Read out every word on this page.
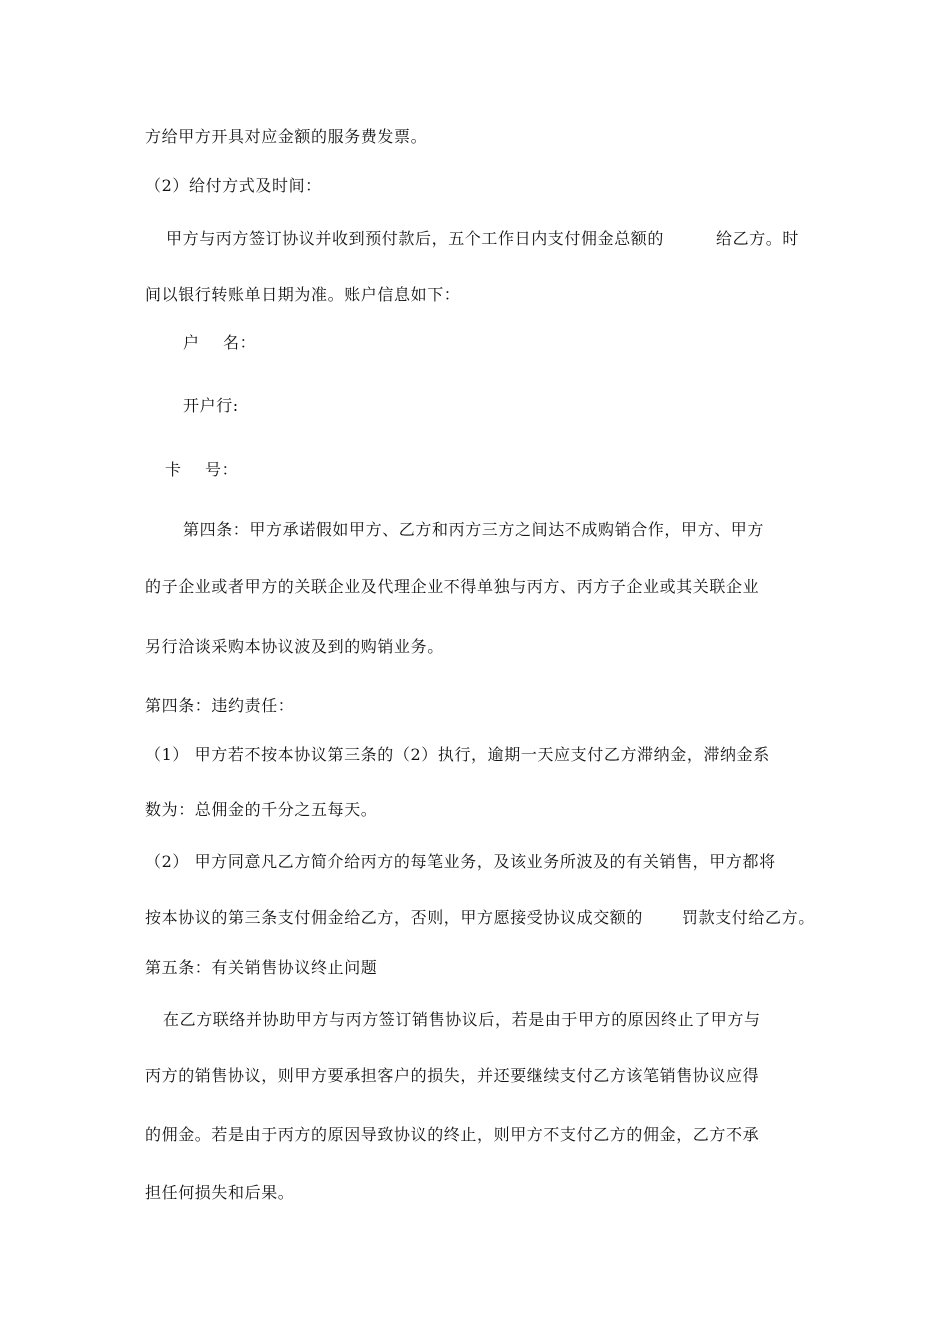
方给甲方开具对应金额的服务费发票。
（2）给付方式及时间：
甲方与丙方签订协议并收到预付款后，五个工作日内支付佣金总额的	给乙方。时
间以银行转账单日期为准。账户信息如下：
户 名：
开户行:
卡 号：
第四条：甲方承诺假如甲方、乙方和丙方三方之间达不成购销合作，甲方、甲方
的子企业或者甲方的关联企业及代理企业不得单独与丙方、丙方子企业或其关联企业
另行洽谈采购本协议波及到的购销业务。
第四条：违约责任：
（1） 甲方若不按本协议第三条的（2）执行，逾期一天应支付乙方滞纳金，滞纳金系
数为：总佣金的千分之五每天。
（2） 甲方同意凡乙方简介给丙方的每笔业务，及该业务所波及的有关销售，甲方都将
按本协议的第三条支付佣金给乙方，否则，甲方愿接受协议成交额的 罚款支付给乙方。
第五条：有关销售协议终止问题
在乙方联络并协助甲方与丙方签订销售协议后，若是由于甲方的原因终止了甲方与
丙方的销售协议，则甲方要承担客户的损失，并还要继续支付乙方该笔销售协议应得
的佣金。若是由于丙方的原因导致协议的终止，则甲方不支付乙方的佣金，乙方不承
担任何损失和后果。
